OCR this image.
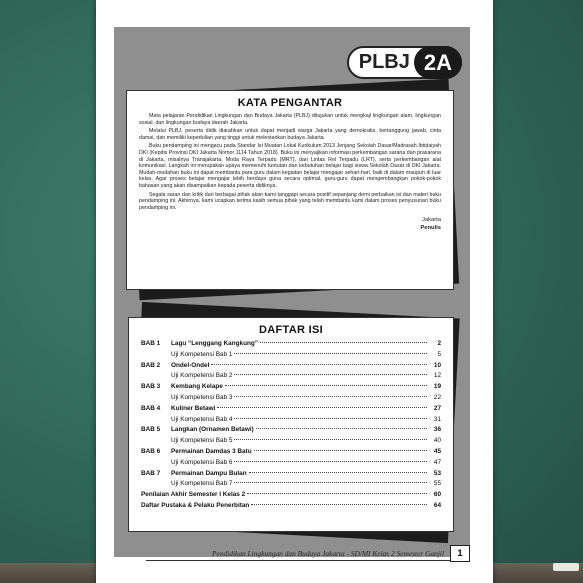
PLBJ 2A
KATA PENGANTAR

Mata pelajaran Pendidikan Lingkungan dan Budaya Jakarta (PLBJ) ditujukan untuk mengkaji lingkungan alam, lingkungan sosial, dan lingkungan budaya daerah Jakarta.

Melalui PLBJ, peserta didik diarahkan untuk dapat menjadi warga Jakarta yang demokratis, bertanggung jawab, cinta damai, dan memiliki kepedulian yang tinggi untuk melestarikan budaya Jakarta.

Buku pendamping ini mengacu pada Standar Isi Muatan Lokal Kurikulum 2013 Jenjang Sekolah Dasar/Madrasah Ibtidaiyah DKI (Kepdis Provinsi DKI Jakarta Nomor 1114 Tahun 2018). Buku ini menyajikan informasi perkembangan sarana dan prasarana di Jakarta, misalnya Transjakarta, Moda Raya Terpadu (MRT), dan Lintas Rel Terpadu (LRT), serta perkembangan alat komunikasi. Langkah ini merupakan upaya memenuhi tuntutan dan kebutuhan belajar bagi siswa Sekolah Dasar di DKI Jakarta. Mudah-mudahan buku ini dapat membantu para guru dalam kegiatan belajar mengajar sehari-hari, baik di dalam maupun di luar kelas. Agar proses belajar mengajar lebih berdaya guna secara optimal, guru-guru dapat mengembangkan pokok-pokok bahasan yang akan disampaikan kepada peserta didiknya.

Segala saran dan kritik dari berbagai pihak akan kami tanggapi secara positif sepanjang demi perbaikan isi dan materi buku pendamping ini. Akhirnya, kami ucapkan terima kasih semua pihak yang telah membantu kami dalam proses penyusunan buku pendamping ini.

Jakarta
Penulis
DAFTAR ISI
BAB 1	Lagu “Lenggang Kangkung”	2
Uji Kompetensi Bab 1	5
BAB 2	Ondel-Ondel	10
Uji Kompetensi Bab 2	12
BAB 3	Kembang Kelape	19
Uji Kompetensi Bab 3	22
BAB 4	Kuliner Betawi	27
Uji Kompetensi Bab 4	31
BAB 5	Langkan (Ornamen Betawi)	36
Uji Kompetensi Bab 5	40
BAB 6	Permainan Damdas 3 Batu	45
Uji Kompetensi Bab 6	47
BAB 7	Permainan Dampu Bulan	53
Uji Kompetensi Bab 7	55
Penilaian Akhir Semester I Kelas 2	60
Daftar Pustaka & Pelaku Penerbitan	64
Pendidikan Lingkungan dan Budaya Jakarta - SD/MI Kelas 2 Semester Ganjil	1
